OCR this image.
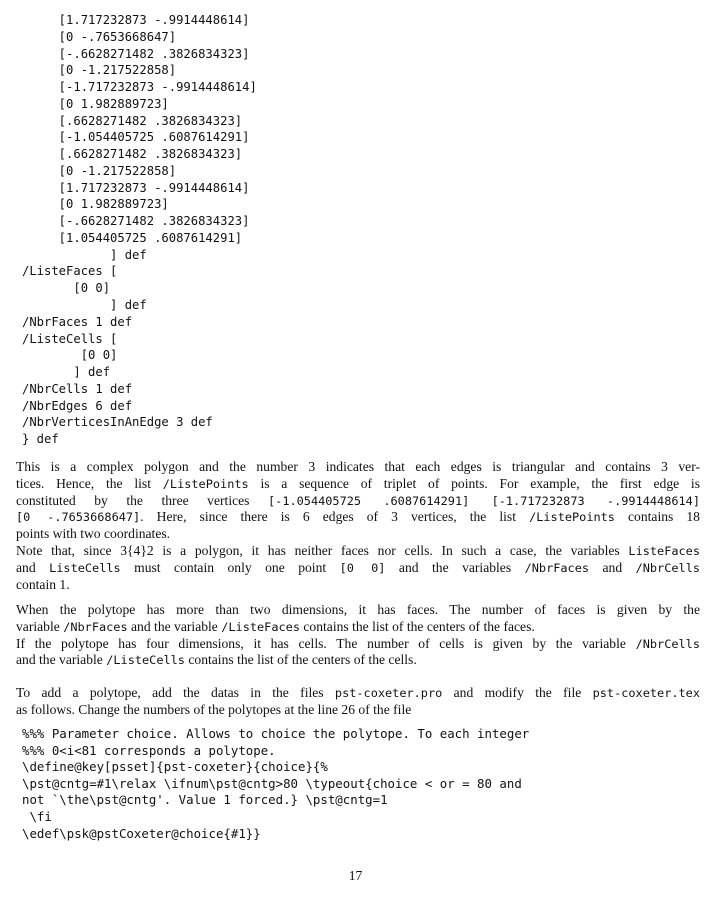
[1.717232873 -.9914448614]
[0 -.7653668647]
[-.6628271482 .3826834323]
[0 -1.217522858]
[-1.717232873 -.9914448614]
[0 1.982889723]
[.6628271482 .3826834323]
[-1.054405725 .6087614291]
[.6628271482 .3826834323]
[0 -1.217522858]
[1.717232873 -.9914448614]
[0 1.982889723]
[-.6628271482 .3826834323]
[1.054405725 .6087614291]
] def
/ListeFaces [
[0 0]
] def
/NbrFaces 1 def
/ListeCells [
[0 0]
] def
/NbrCells 1 def
/NbrEdges 6 def
/NbrVerticesInAnEdge 3 def
} def
This is a complex polygon and the number 3 indicates that each edges is triangular and contains 3 ver-
tices. Hence, the list /ListePoints is a sequence of triplet of points. For example, the first edge is
constituted by the three vertices [-1.054405725 .6087614291] [-1.717232873 -.9914448614]
[0 -.7653668647]. Here, since there is 6 edges of 3 vertices, the list /ListePoints contains 18
points with two coordinates.
Note that, since 3{4}2 is a polygon, it has neither faces nor cells. In such a case, the variables ListeFaces
and ListeCells must contain only one point [0 0] and the variables /NbrFaces and /NbrCells
contain 1.
When the polytope has more than two dimensions, it has faces. The number of faces is given by the
variable /NbrFaces and the variable /ListeFaces contains the list of the centers of the faces.
If the polytope has four dimensions, it has cells. The number of cells is given by the variable /NbrCells
and the variable /ListeCells contains the list of the centers of the cells.
To add a polytope, add the datas in the files pst-coxeter.pro and modify the file pst-coxeter.tex
as follows. Change the numbers of the polytopes at the line 26 of the file
%%% Parameter choice. Allows to choice the polytope. To each integer
%%% 0<i<81 corresponds a polytope.
\define@key[psset]{pst-coxeter}{choice}{%
\pst@cntg=#1\relax \ifnum\pst@cntg>80 \typeout{choice < or = 80 and
not `\the\pst@cntg'. Value 1 forced.} \pst@cntg=1
\fi
\edef\psk@pstCoxeter@choice{#1}}
17
